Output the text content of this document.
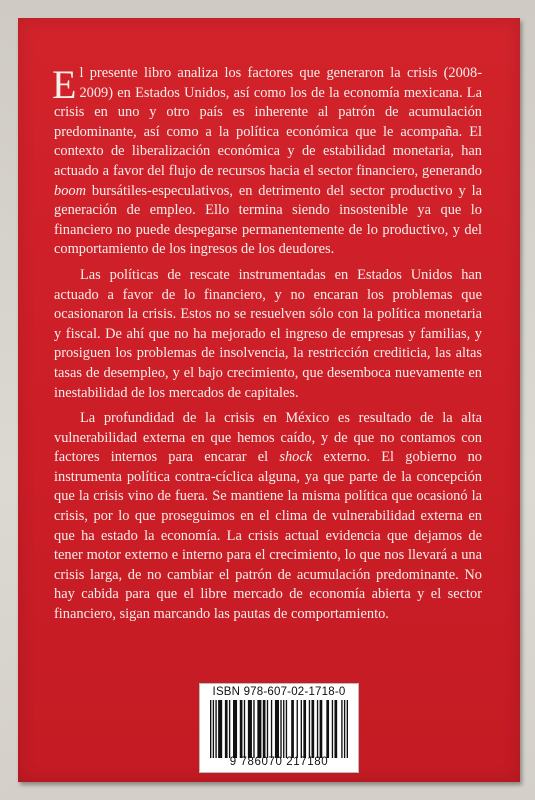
El presente libro analiza los factores que generaron la crisis (2008-2009) en Estados Unidos, así como los de la economía mexicana. La crisis en uno y otro país es inherente al patrón de acumulación predominante, así como a la política económica que le acompaña. El contexto de liberalización económica y de estabilidad monetaria, han actuado a favor del flujo de recursos hacia el sector financiero, generando boom bursátiles-especulativos, en detrimento del sector productivo y la generación de empleo. Ello termina siendo insostenible ya que lo financiero no puede despegarse permanentemente de lo productivo, y del comportamiento de los ingresos de los deudores.

Las políticas de rescate instrumentadas en Estados Unidos han actuado a favor de lo financiero, y no encaran los problemas que ocasionaron la crisis. Estos no se resuelven sólo con la política monetaria y fiscal. De ahí que no ha mejorado el ingreso de empresas y familias, y prosiguen los problemas de insolvencia, la restricción crediticia, las altas tasas de desempleo, y el bajo crecimiento, que desemboca nuevamente en inestabilidad de los mercados de capitales.

La profundidad de la crisis en México es resultado de la alta vulnerabilidad externa en que hemos caído, y de que no contamos con factores internos para encarar el shock externo. El gobierno no instrumenta política contra-cíclica alguna, ya que parte de la concepción que la crisis vino de fuera. Se mantiene la misma política que ocasionó la crisis, por lo que proseguimos en el clima de vulnerabilidad externa en que ha estado la economía. La crisis actual evidencia que dejamos de tener motor externo e interno para el crecimiento, lo que nos llevará a una crisis larga, de no cambiar el patrón de acumulación predominante. No hay cabida para que el libre mercado de economía abierta y el sector financiero, sigan marcando las pautas de comportamiento.

ISBN 978-607-02-1718-0
9 786070 217180
